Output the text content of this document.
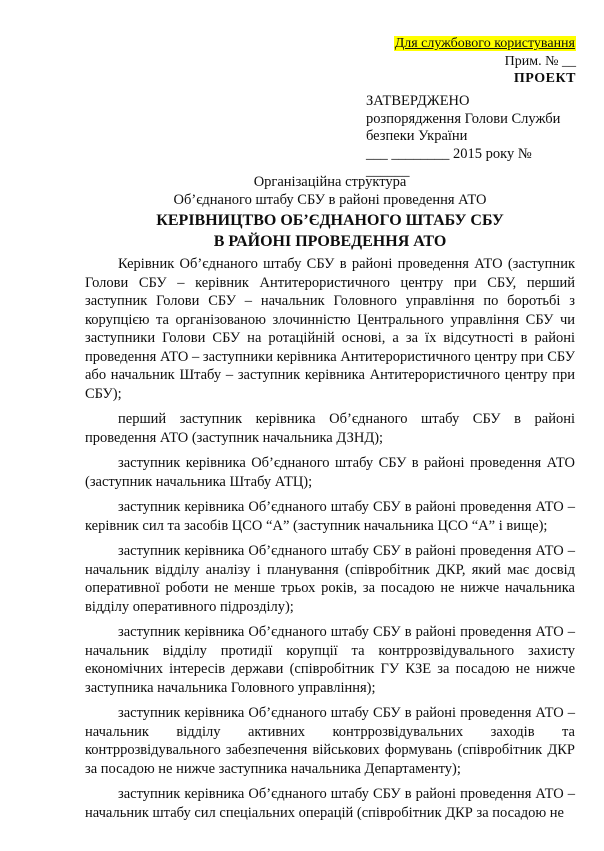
Для службового користування
Прим. № __
ПРОЕКТ
ЗАТВЕРДЖЕНО
розпорядження Голови Служби
безпеки України
___ ________ 2015 року № ______
Організаційна структура
Об’єднаного штабу СБУ в районі проведення АТО
КЕРІВНИЦТВО ОБ’ЄДНАНОГО ШТАБУ СБУ
В РАЙОНІ ПРОВЕДЕННЯ АТО

Керівник Об’єднаного штабу СБУ в районі проведення АТО (заступник Голови СБУ – керівник Антитерористичного центру при СБУ, перший заступник Голови СБУ – начальник Головного управління по боротьбі з корупцією та організованою злочинністю Центрального управління СБУ чи заступники Голови СБУ на ротаційній основі, а за їх відсутності в районі проведення АТО – заступники керівника Антитерористичного центру при СБУ або начальник Штабу – заступник керівника Антитерористичного центру при СБУ);

перший заступник керівника Об’єднаного штабу СБУ в районі проведення АТО (заступник начальника ДЗНД);

заступник керівника Об’єднаного штабу СБУ в районі проведення АТО (заступник начальника Штабу АТЦ);

заступник керівника Об’єднаного штабу СБУ в районі проведення АТО – керівник сил та засобів ЦСО “А” (заступник начальника ЦСО “А” і вище);

заступник керівника Об’єднаного штабу СБУ в районі проведення АТО – начальник відділу аналізу і планування (співробітник ДКР, який має досвід оперативної роботи не менше трьох років, за посадою не нижче начальника відділу оперативного підрозділу);

заступник керівника Об’єднаного штабу СБУ в районі проведення АТО – начальник відділу протидії корупції та контррозвідувального захисту економічних інтересів держави (співробітник ГУ КЗЕ за посадою не нижче заступника начальника Головного управління);

заступник керівника Об’єднаного штабу СБУ в районі проведення АТО – начальник відділу активних контррозвідувальних заходів та контррозвідувального забезпечення військових формувань (співробітник ДКР за посадою не нижче заступника начальника Департаменту);

заступник керівника Об’єднаного штабу СБУ в районі проведення АТО – начальник штабу сил спеціальних операцій (співробітник ДКР за посадою не
